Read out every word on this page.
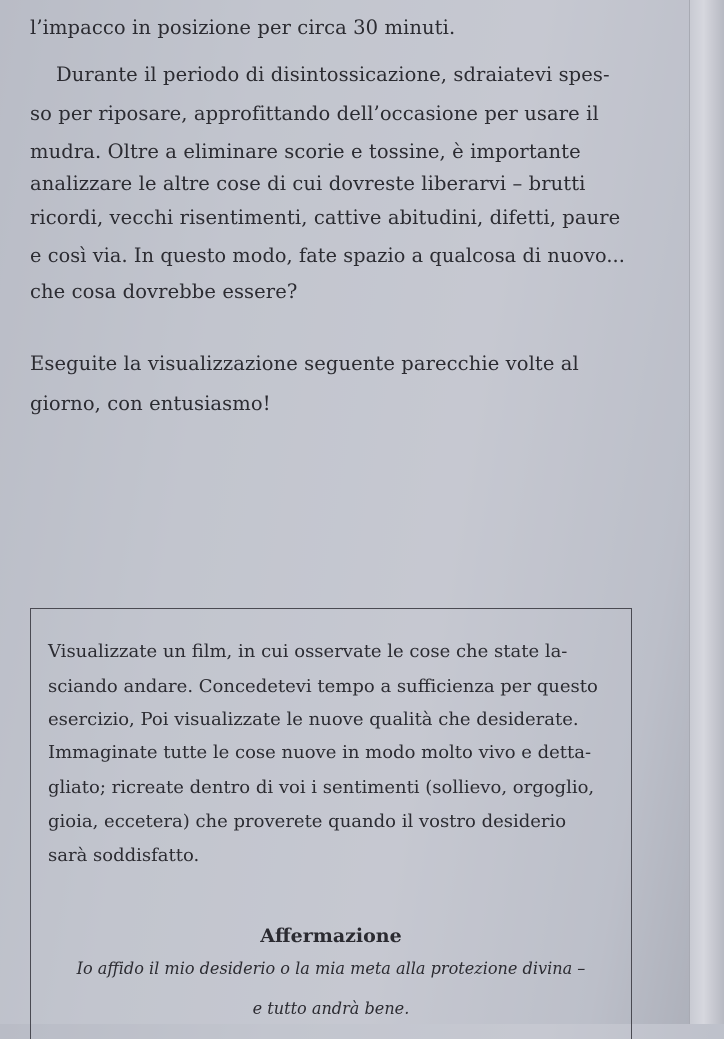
l’impacco in posizione per circa 30 minuti.
Durante il periodo di disintossicazione, sdraiatevi spes-
so per riposare, approfittando dell’occasione per usare il
mudra. Oltre a eliminare scorie e tossine, è importante
analizzare le altre cose di cui dovreste liberarvi – brutti
ricordi, vecchi risentimenti, cattive abitudini, difetti, paure
e così via. In questo modo, fate spazio a qualcosa di nuovo...
che cosa dovrebbe essere?
Eseguite la visualizzazione seguente parecchie volte al
giorno, con entusiasmo!
Visualizzate un film, in cui osservate le cose che state la-
sciando andare. Concedetevi tempo a sufficienza per questo
esercizio, Poi visualizzate le nuove qualità che desiderate.
Immaginate tutte le cose nuove in modo molto vivo e detta-
gliato; ricreate dentro di voi i sentimenti (sollievo, orgoglio,
gioia, eccetera) che proverete quando il vostro desiderio
sarà soddisfatto.
Affermazione
Io affido il mio desiderio o la mia meta alla protezione divina –
e tutto andrà bene.
